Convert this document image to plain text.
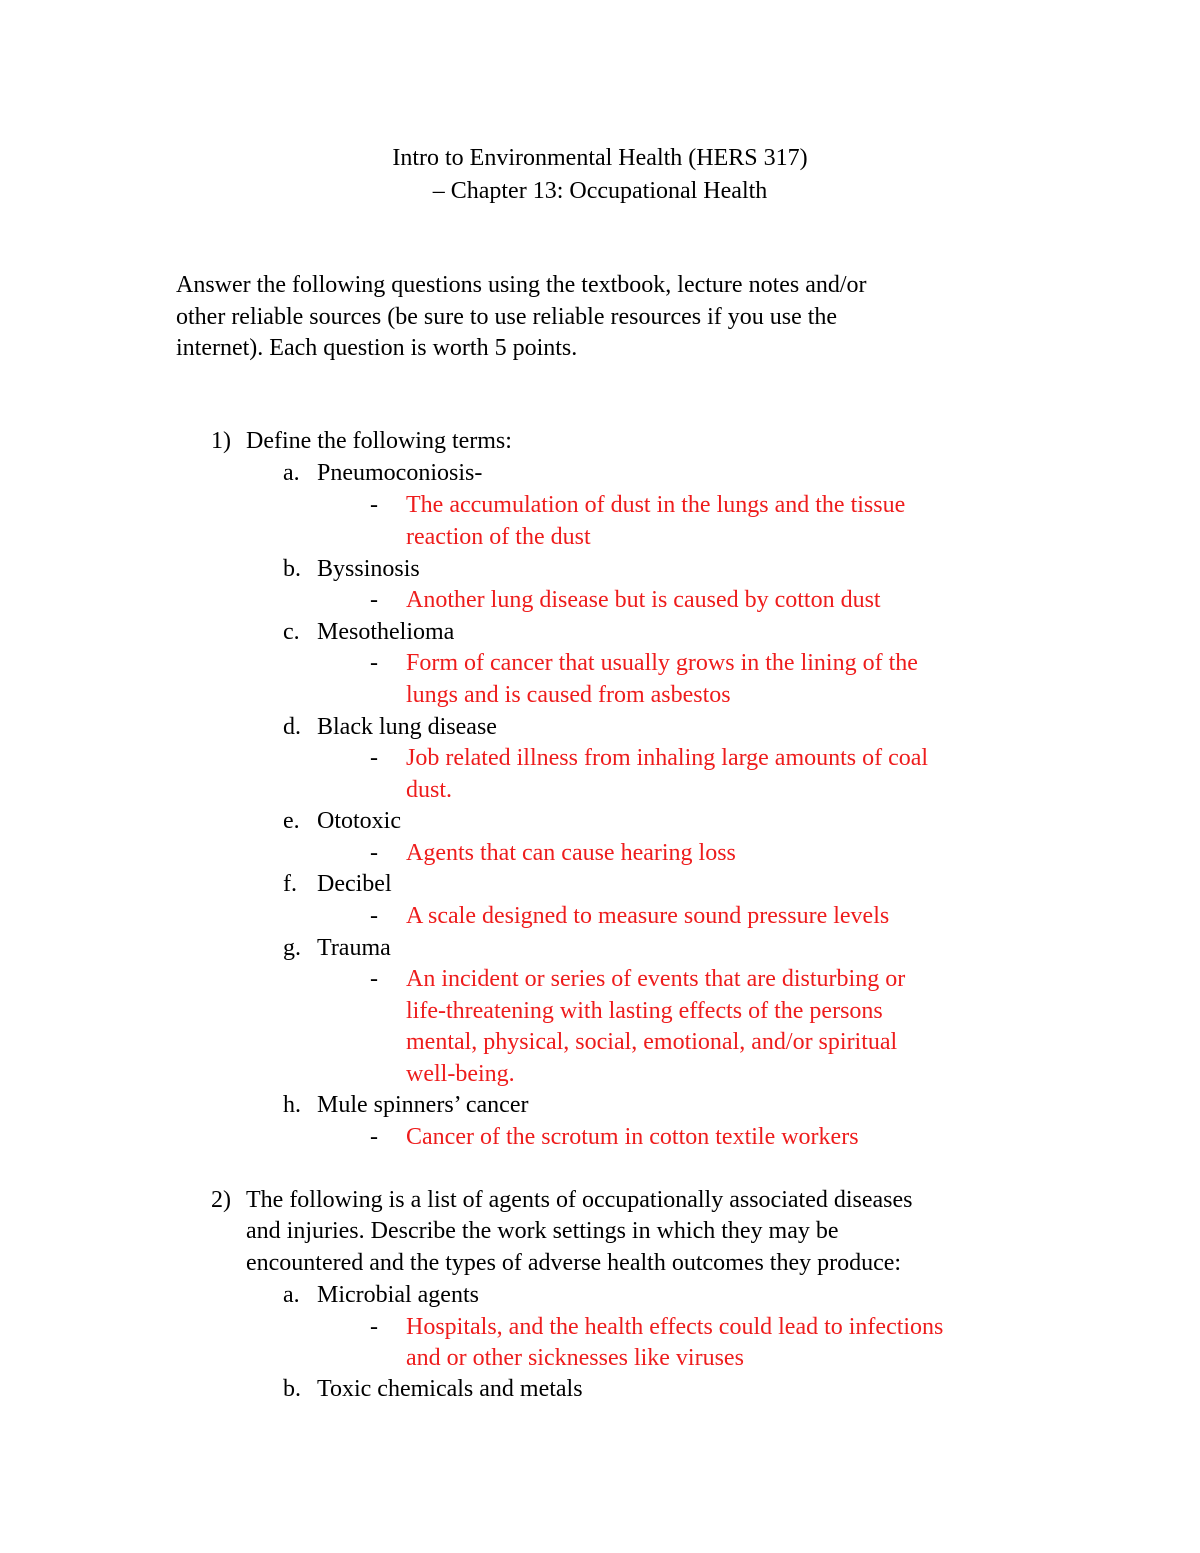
Intro to Environmental Health (HERS 317)
– Chapter 13: Occupational Health
Answer the following questions using the textbook, lecture notes and/or
other reliable sources (be sure to use reliable resources if you use the
internet). Each question is worth 5 points.
1) Define the following terms:
a. Pneumoconiosis-
- The accumulation of dust in the lungs and the tissue
reaction of the dust
b. Byssinosis
- Another lung disease but is caused by cotton dust
c. Mesothelioma
- Form of cancer that usually grows in the lining of the
lungs and is caused from asbestos
d. Black lung disease
- Job related illness from inhaling large amounts of coal
dust.
e. Ototoxic
- Agents that can cause hearing loss
f. Decibel
- A scale designed to measure sound pressure levels
g. Trauma
- An incident or series of events that are disturbing or
life-threatening with lasting effects of the persons
mental, physical, social, emotional, and/or spiritual
well-being.
h. Mule spinners’ cancer
- Cancer of the scrotum in cotton textile workers
2) The following is a list of agents of occupationally associated diseases
and injuries. Describe the work settings in which they may be
encountered and the types of adverse health outcomes they produce:
a. Microbial agents
- Hospitals, and the health effects could lead to infections
and or other sicknesses like viruses
b. Toxic chemicals and metals
